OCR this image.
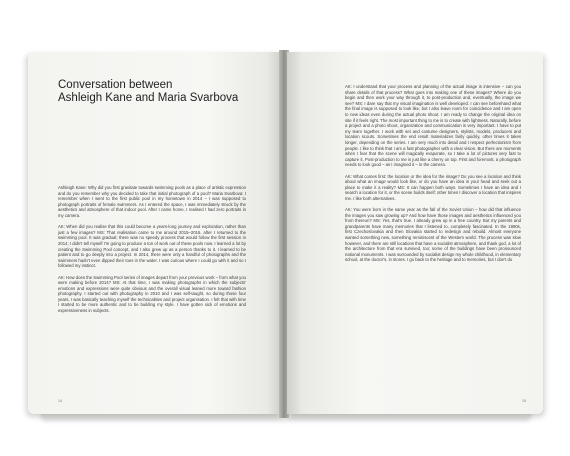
Conversation between
Ashleigh Kane and Maria Svarbova

Ashleigh Kane: Why did you first gravitate towards swimming pools as a place of artistic expression and do you remember why you decided to take that initial photograph of a pool? Maria Svarbova: I remember when I went to the first public pool in my hometown in 2014 – I was supposed to photograph portraits of female swimmers. As I entered the space, I was immediately struck by the aesthetics and atmosphere of that indoor pool. After I came home, I realised I had zero portraits in my camera.

AK: When did you realise that this could become a years-long journey and exploration, rather than just a few images? MS: That realisation came to me around 2015–2016, after I returned to the swimming pool. It was gradual; there was no speedy process that would follow the first session in 2014; I didn't tell myself I'm going to produce a ton of work out of these pools now. I learned a lot by creating the Swimming Pool concept, and I also grew up as a person thanks to it. I learned to be patient and to go deeply into a project. In 2014, there were only a handful of photographs and the swimmers hadn't even dipped their toes in the water. I was curious where I could go with it and so I followed my instinct.

AK: How does the Swimming Pool series of images depart from your previous work – from what you were making before 2014? MS: At that time, I was making photographs in which the subjects' emotions and expressions were quite obvious and the overall visual leaned more toward fashion photography. I started out with photography in 2010 and I was self-taught, so during those four years, I was basically teaching myself the technicalities and project organisation. I felt that with time I started to be more authentic and to be building my style. I have gotten sick of emotions and expressiveness in subjects.

14

AK: I understand that your process and planning of the actual image is intensive – can you share details of that process? What goes into making one of these images? Where do you begin and then work your way through it, to post-production and, eventually, the image we see? MS: I dare say that my visual imagination is well developed. I can see beforehand what the final image is supposed to look like, but I also leave room for coincidence and I am open to new ideas even during the actual photo shoot. I am ready to change the original idea on site if it feels right. The most important thing to me is to create with lightness. Naturally, before a project and a photo shoot, organization and communication is very important. I have to put my team together. I work with set and costume designers, stylists, models, producers and location scouts. Sometimes the end result materializes fairly quickly, other times it takes longer, depending on the series. I am very much into detail and I respect perfectionism from people. I like to think that I am a fast photographer with a clear vision. But there are moments when I fear that the scene will magically evaporate, so I take a lot of pictures very fast to capture it. Post-production to me is just like a cherry on top. First and foremost, a photograph needs to look good – as I imagined it – in the camera.

AK: What comes first: the location or the idea for the image? Do you see a location and think about what an image would look like, or do you have an idea in your head and seek out a place to make it a reality? MS: It can happen both ways. Sometimes I have an idea and I search a location for it, or the scene builds itself; other times I discover a location that inspires me. I like both alternatives.

AK: You were born in the same year as the fall of the Soviet Union – how did that influence the images you saw growing up? And how have those images and aesthetics influenced you from thereon? MS: Yes, that's true. I already grew up in a free country. But my parents and grandparents have many memories that I listened to, completely fascinated. In the 1990s, first Czechoslovakia and then Slovakia started to redesign and rebuild. Almost everyone wanted something new, something reminiscent of the Western world. The process was slow however, and there are still locations that have a socialist atmosphere, and thank god, a lot of the architecture from that era survived, too; some of the buildings have been pronounced national monuments. I was surrounded by socialist design my whole childhood, in elementary school, at the doctor's, in stores. I go back to the heritage and to memories, but I don't do

15
